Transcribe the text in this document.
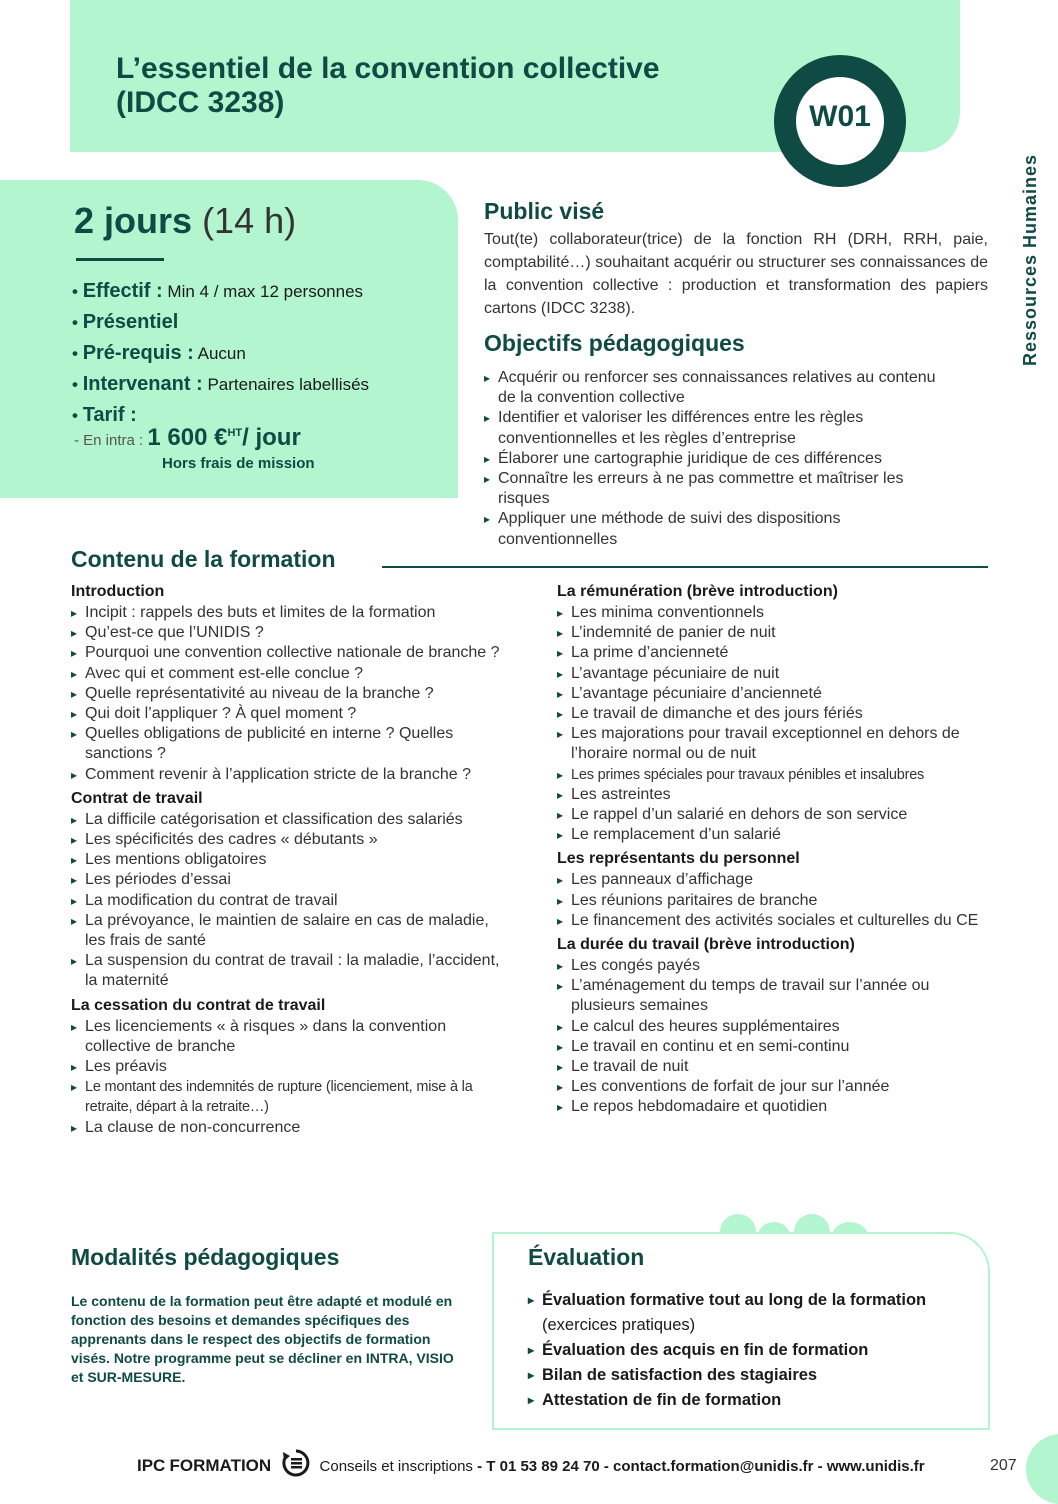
L’essentiel de la convention collective
(IDCC 3238)	W01
Ressources Humaines
2 jours (14 h)
• Effectif : Min 4 / max 12 personnes
• Présentiel
• Pré-requis : Aucun
• Intervenant : Partenaires labellisés
• Tarif :
- En intra : 1 600 €$^{HT}$/ jour
Hors frais de mission
Public visé

Tout(te) collaborateur(trice) de la fonction RH (DRH, RRH, paie, comptabilité…) souhaitant acquérir ou structurer ses connaissances de la convention collective : production et transformation des papiers cartons (IDCC 3238).

Objectifs pédagogiques
▸ Acquérir ou renforcer ses connaissances relatives au contenu de la convention collective
▸ Identifier et valoriser les différences entre les règles conventionnelles et les règles d’entreprise
▸ Élaborer une cartographie juridique de ces différences
▸ Connaître les erreurs à ne pas commettre et maîtriser les risques
▸ Appliquer une méthode de suivi des dispositions conventionnelles
Contenu de la formation

Introduction

▸ Incipit : rappels des buts et limites de la formation
▸ Qu’est-ce que l’UNIDIS ?
▸ Pourquoi une convention collective nationale de branche ?
▸ Avec qui et comment est-elle conclue ?
▸ Quelle représentativité au niveau de la branche ?
▸ Qui doit l’appliquer ? À quel moment ?
▸ Quelles obligations de publicité en interne ? Quelles sanctions ?
▸ Comment revenir à l’application stricte de la branche ?

Contrat de travail

▸ La difficile catégorisation et classification des salariés
▸ Les spécificités des cadres « débutants »
▸ Les mentions obligatoires
▸ Les périodes d’essai
▸ La modification du contrat de travail
▸ La prévoyance, le maintien de salaire en cas de maladie, les frais de santé
▸ La suspension du contrat de travail : la maladie, l’accident, la maternité

La cessation du contrat de travail

▸ Les licenciements « à risques » dans la convention collective de branche
▸ Les préavis
▸ Le montant des indemnités de rupture (licenciement, mise à la retraite, départ à la retraite…)
▸ La clause de non-concurrence

La rémunération (brève introduction)

▸ Les minima conventionnels
▸ L’indemnité de panier de nuit
▸ La prime d’ancienneté
▸ L’avantage pécuniaire de nuit
▸ L’avantage pécuniaire d’ancienneté
▸ Le travail de dimanche et des jours fériés
▸ Les majorations pour travail exceptionnel en dehors de l’horaire normal ou de nuit
▸ Les primes spéciales pour travaux pénibles et insalubres
▸ Les astreintes
▸ Le rappel d’un salarié en dehors de son service
▸ Le remplacement d’un salarié

Les représentants du personnel

▸ Les panneaux d’affichage
▸ Les réunions paritaires de branche
▸ Le financement des activités sociales et culturelles du CE

La durée du travail (brève introduction)

▸ Les congés payés
▸ L’aménagement du temps de travail sur l’année ou plusieurs semaines
▸ Le calcul des heures supplémentaires
▸ Le travail en continu et en semi-continu
▸ Le travail de nuit
▸ Les conventions de forfait de jour sur l’année
▸ Le repos hebdomadaire et quotidien
Modalités pédagogiques

Le contenu de la formation peut être adapté et modulé en fonction des besoins et demandes spécifiques des apprenants dans le respect des objectifs de formation visés. Notre programme peut se décliner en INTRA, VISIO et SUR-MESURE.

Évaluation
▸ Évaluation formative tout au long de la formation
(exercices pratiques)
▸ Évaluation des acquis en fin de formation
▸ Bilan de satisfaction des stagiaires
▸ Attestation de fin de formation
IPC FORMATION	Conseils et inscriptions - T 01 53 89 24 70 - contact.formation@unidis.fr - www.unidis.fr	207
